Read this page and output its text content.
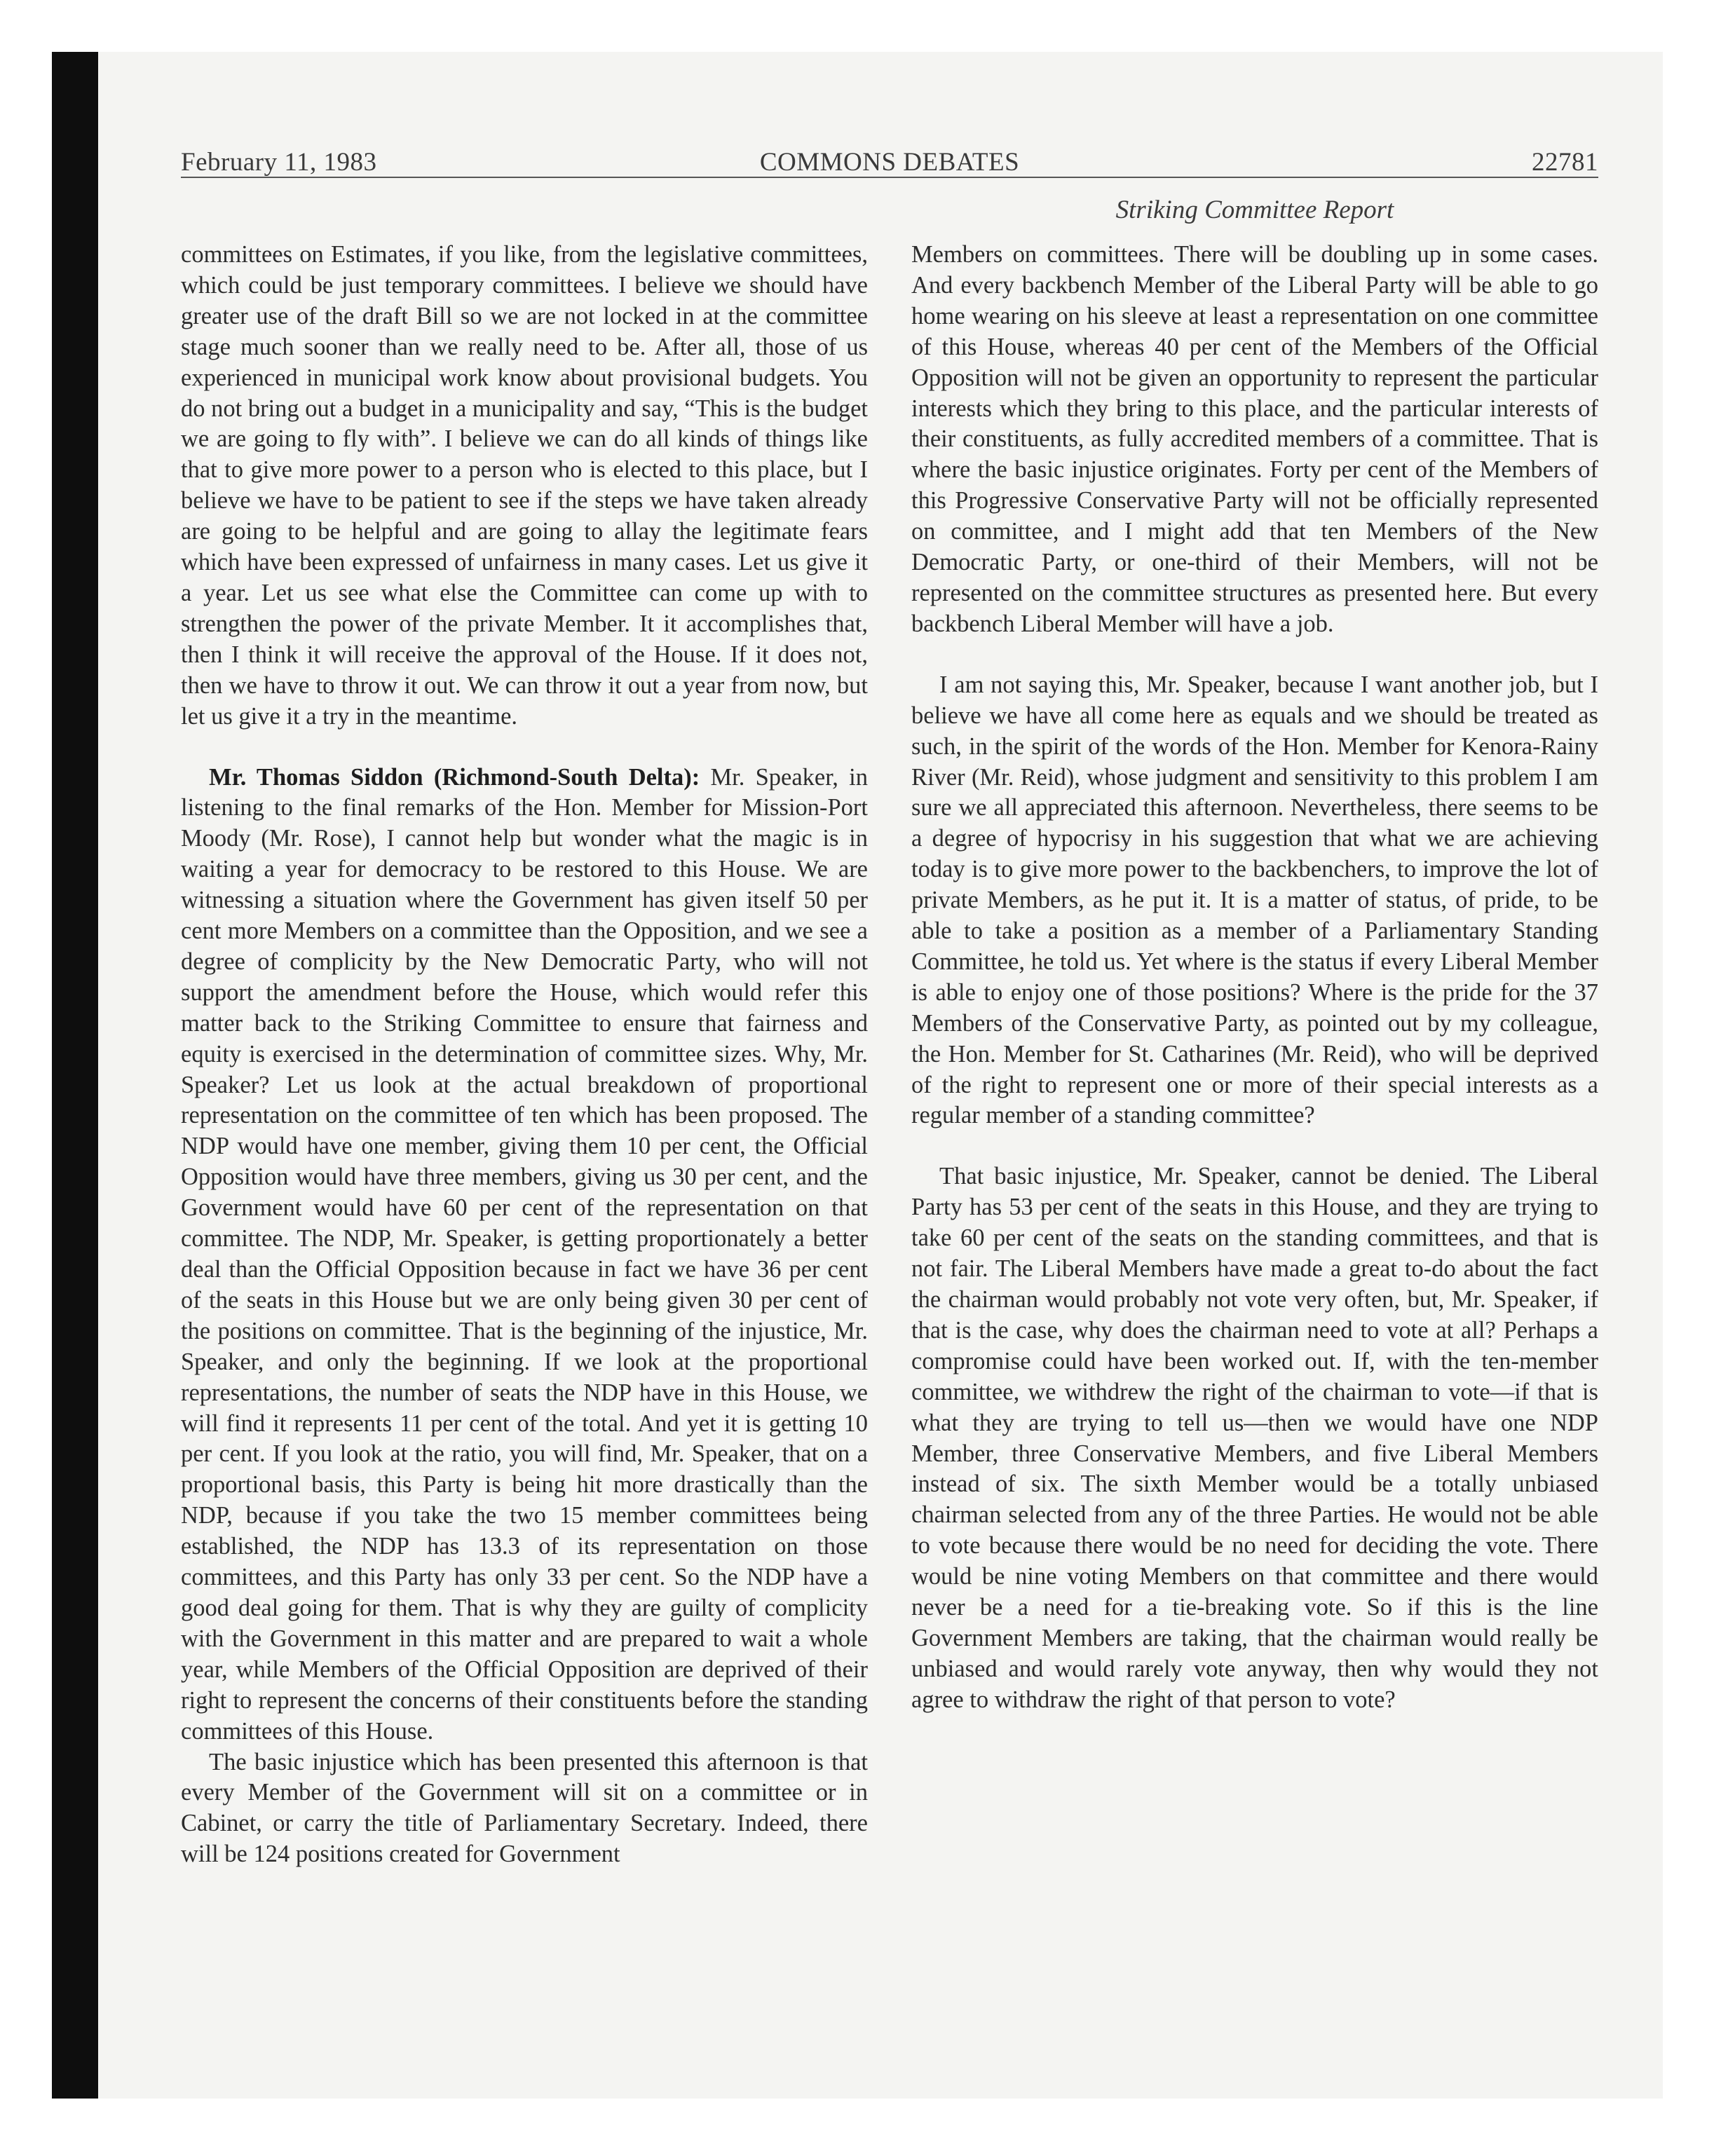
February 11, 1983	COMMONS DEBATES	22781
Striking Committee Report

committees on Estimates, if you like, from the legislative committees, which could be just temporary committees. I believe we should have greater use of the draft Bill so we are not locked in at the committee stage much sooner than we really need to be. After all, those of us experienced in municipal work know about provisional budgets. You do not bring out a budget in a municipality and say, “This is the budget we are going to fly with”. I believe we can do all kinds of things like that to give more power to a person who is elected to this place, but I believe we have to be patient to see if the steps we have taken already are going to be helpful and are going to allay the legitimate fears which have been expressed of unfairness in many cases. Let us give it a year. Let us see what else the Committee can come up with to strengthen the power of the private Member. It it accomplishes that, then I think it will receive the approval of the House. If it does not, then we have to throw it out. We can throw it out a year from now, but let us give it a try in the meantime.

Mr. Thomas Siddon (Richmond-South Delta): Mr. Speaker, in listening to the final remarks of the Hon. Member for Mission-Port Moody (Mr. Rose), I cannot help but wonder what the magic is in waiting a year for democracy to be restored to this House. We are witnessing a situation where the Government has given itself 50 per cent more Members on a committee than the Opposition, and we see a degree of complicity by the New Democratic Party, who will not support the amendment before the House, which would refer this matter back to the Striking Committee to ensure that fairness and equity is exercised in the determination of committee sizes. Why, Mr. Speaker? Let us look at the actual breakdown of proportional representation on the committee of ten which has been proposed. The NDP would have one member, giving them 10 per cent, the Official Opposition would have three members, giving us 30 per cent, and the Government would have 60 per cent of the representation on that committee. The NDP, Mr. Speaker, is getting proportionately a better deal than the Official Opposition because in fact we have 36 per cent of the seats in this House but we are only being given 30 per cent of the positions on committee. That is the beginning of the injustice, Mr. Speaker, and only the beginning. If we look at the proportional representations, the number of seats the NDP have in this House, we will find it represents 11 per cent of the total. And yet it is getting 10 per cent. If you look at the ratio, you will find, Mr. Speaker, that on a proportional basis, this Party is being hit more drastically than the NDP, because if you take the two 15 member committees being established, the NDP has 13.3 of its representation on those committees, and this Party has only 33 per cent. So the NDP have a good deal going for them. That is why they are guilty of complicity with the Government in this matter and are prepared to wait a whole year, while Members of the Official Opposition are deprived of their right to represent the concerns of their constituents before the standing committees of this House.

The basic injustice which has been presented this afternoon is that every Member of the Government will sit on a committee or in Cabinet, or carry the title of Parliamentary Secretary. Indeed, there will be 124 positions created for Government

Members on committees. There will be doubling up in some cases. And every backbench Member of the Liberal Party will be able to go home wearing on his sleeve at least a representation on one committee of this House, whereas 40 per cent of the Members of the Official Opposition will not be given an opportunity to represent the particular interests which they bring to this place, and the particular interests of their constituents, as fully accredited members of a committee. That is where the basic injustice originates. Forty per cent of the Members of this Progressive Conservative Party will not be officially represented on committee, and I might add that ten Members of the New Democratic Party, or one-third of their Members, will not be represented on the committee structures as presented here. But every backbench Liberal Member will have a job.

I am not saying this, Mr. Speaker, because I want another job, but I believe we have all come here as equals and we should be treated as such, in the spirit of the words of the Hon. Member for Kenora-Rainy River (Mr. Reid), whose judgment and sensitivity to this problem I am sure we all appreciated this afternoon. Nevertheless, there seems to be a degree of hypocrisy in his suggestion that what we are achieving today is to give more power to the backbenchers, to improve the lot of private Members, as he put it. It is a matter of status, of pride, to be able to take a position as a member of a Parliamentary Standing Committee, he told us. Yet where is the status if every Liberal Member is able to enjoy one of those positions? Where is the pride for the 37 Members of the Conservative Party, as pointed out by my colleague, the Hon. Member for St. Catharines (Mr. Reid), who will be deprived of the right to represent one or more of their special interests as a regular member of a standing committee?

That basic injustice, Mr. Speaker, cannot be denied. The Liberal Party has 53 per cent of the seats in this House, and they are trying to take 60 per cent of the seats on the standing committees, and that is not fair. The Liberal Members have made a great to-do about the fact the chairman would probably not vote very often, but, Mr. Speaker, if that is the case, why does the chairman need to vote at all? Perhaps a compromise could have been worked out. If, with the ten-member committee, we withdrew the right of the chairman to vote—if that is what they are trying to tell us—then we would have one NDP Member, three Conservative Members, and five Liberal Members instead of six. The sixth Member would be a totally unbiased chairman selected from any of the three Parties. He would not be able to vote because there would be no need for deciding the vote. There would be nine voting Members on that committee and there would never be a need for a tie-breaking vote. So if this is the line Government Members are taking, that the chairman would really be unbiased and would rarely vote anyway, then why would they not agree to withdraw the right of that person to vote?
